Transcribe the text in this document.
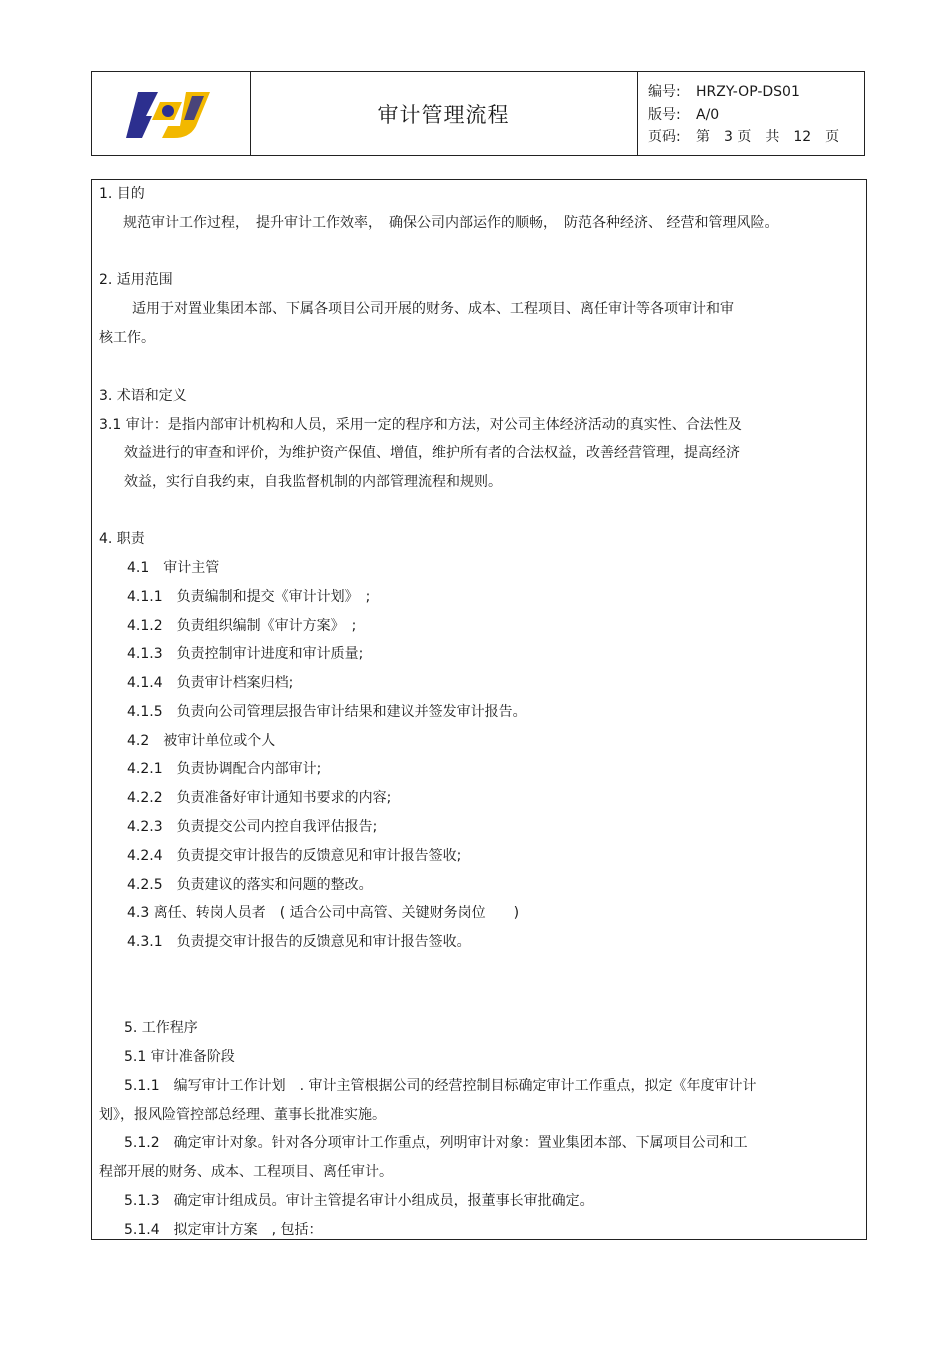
审计管理流程
编号:	HRZY-OP-DS01
版号:	A/0
页码:	第　3 页　共　12　页
1. 目的
规范审计工作过程，　提升审计工作效率，　确保公司内部运作的顺畅，　防范各种经济、 经营和管理风险。
2. 适用范围
适用于对置业集团本部、下属各项目公司开展的财务、成本、工程项目、离任审计等各项审计和审
核工作。
3. 术语和定义
3.1 审计：是指内部审计机构和人员，采用一定的程序和方法，对公司主体经济活动的真实性、合法性及
效益进行的审查和评价，为维护资产保值、增值，维护所有者的合法权益，改善经营管理，提高经济
效益，实行自我约束，自我监督机制的内部管理流程和规则。
4. 职责
4.1　审计主管
4.1.1　负责编制和提交《审计计划》　;
4.1.2　负责组织编制《审计方案》　;
4.1.3　负责控制审计进度和审计质量;
4.1.4　负责审计档案归档;
4.1.5　负责向公司管理层报告审计结果和建议并签发审计报告。
4.2　被审计单位或个人
4.2.1　负责协调配合内部审计;
4.2.2　负责准备好审计通知书要求的内容;
4.2.3　负责提交公司内控自我评估报告;
4.2.4　负责提交审计报告的反馈意见和审计报告签收;
4.2.5　负责建议的落实和问题的整改。
4.3 离任、转岗人员者　( 适合公司中高管、关键财务岗位　　)
4.3.1　负责提交审计报告的反馈意见和审计报告签收。
5. 工作程序
5.1 审计准备阶段
5.1.1　编写审计工作计划　. 审计主管根据公司的经营控制目标确定审计工作重点，拟定《年度审计计
划》，报风险管控部总经理、董事长批准实施。
5.1.2　确定审计对象。针对各分项审计工作重点，列明审计对象：置业集团本部、下属项目公司和工
程部开展的财务、成本、工程项目、离任审计。
5.1.3　确定审计组成员。审计主管提名审计小组成员，报董事长审批确定。
5.1.4　拟定审计方案　, 包括：
